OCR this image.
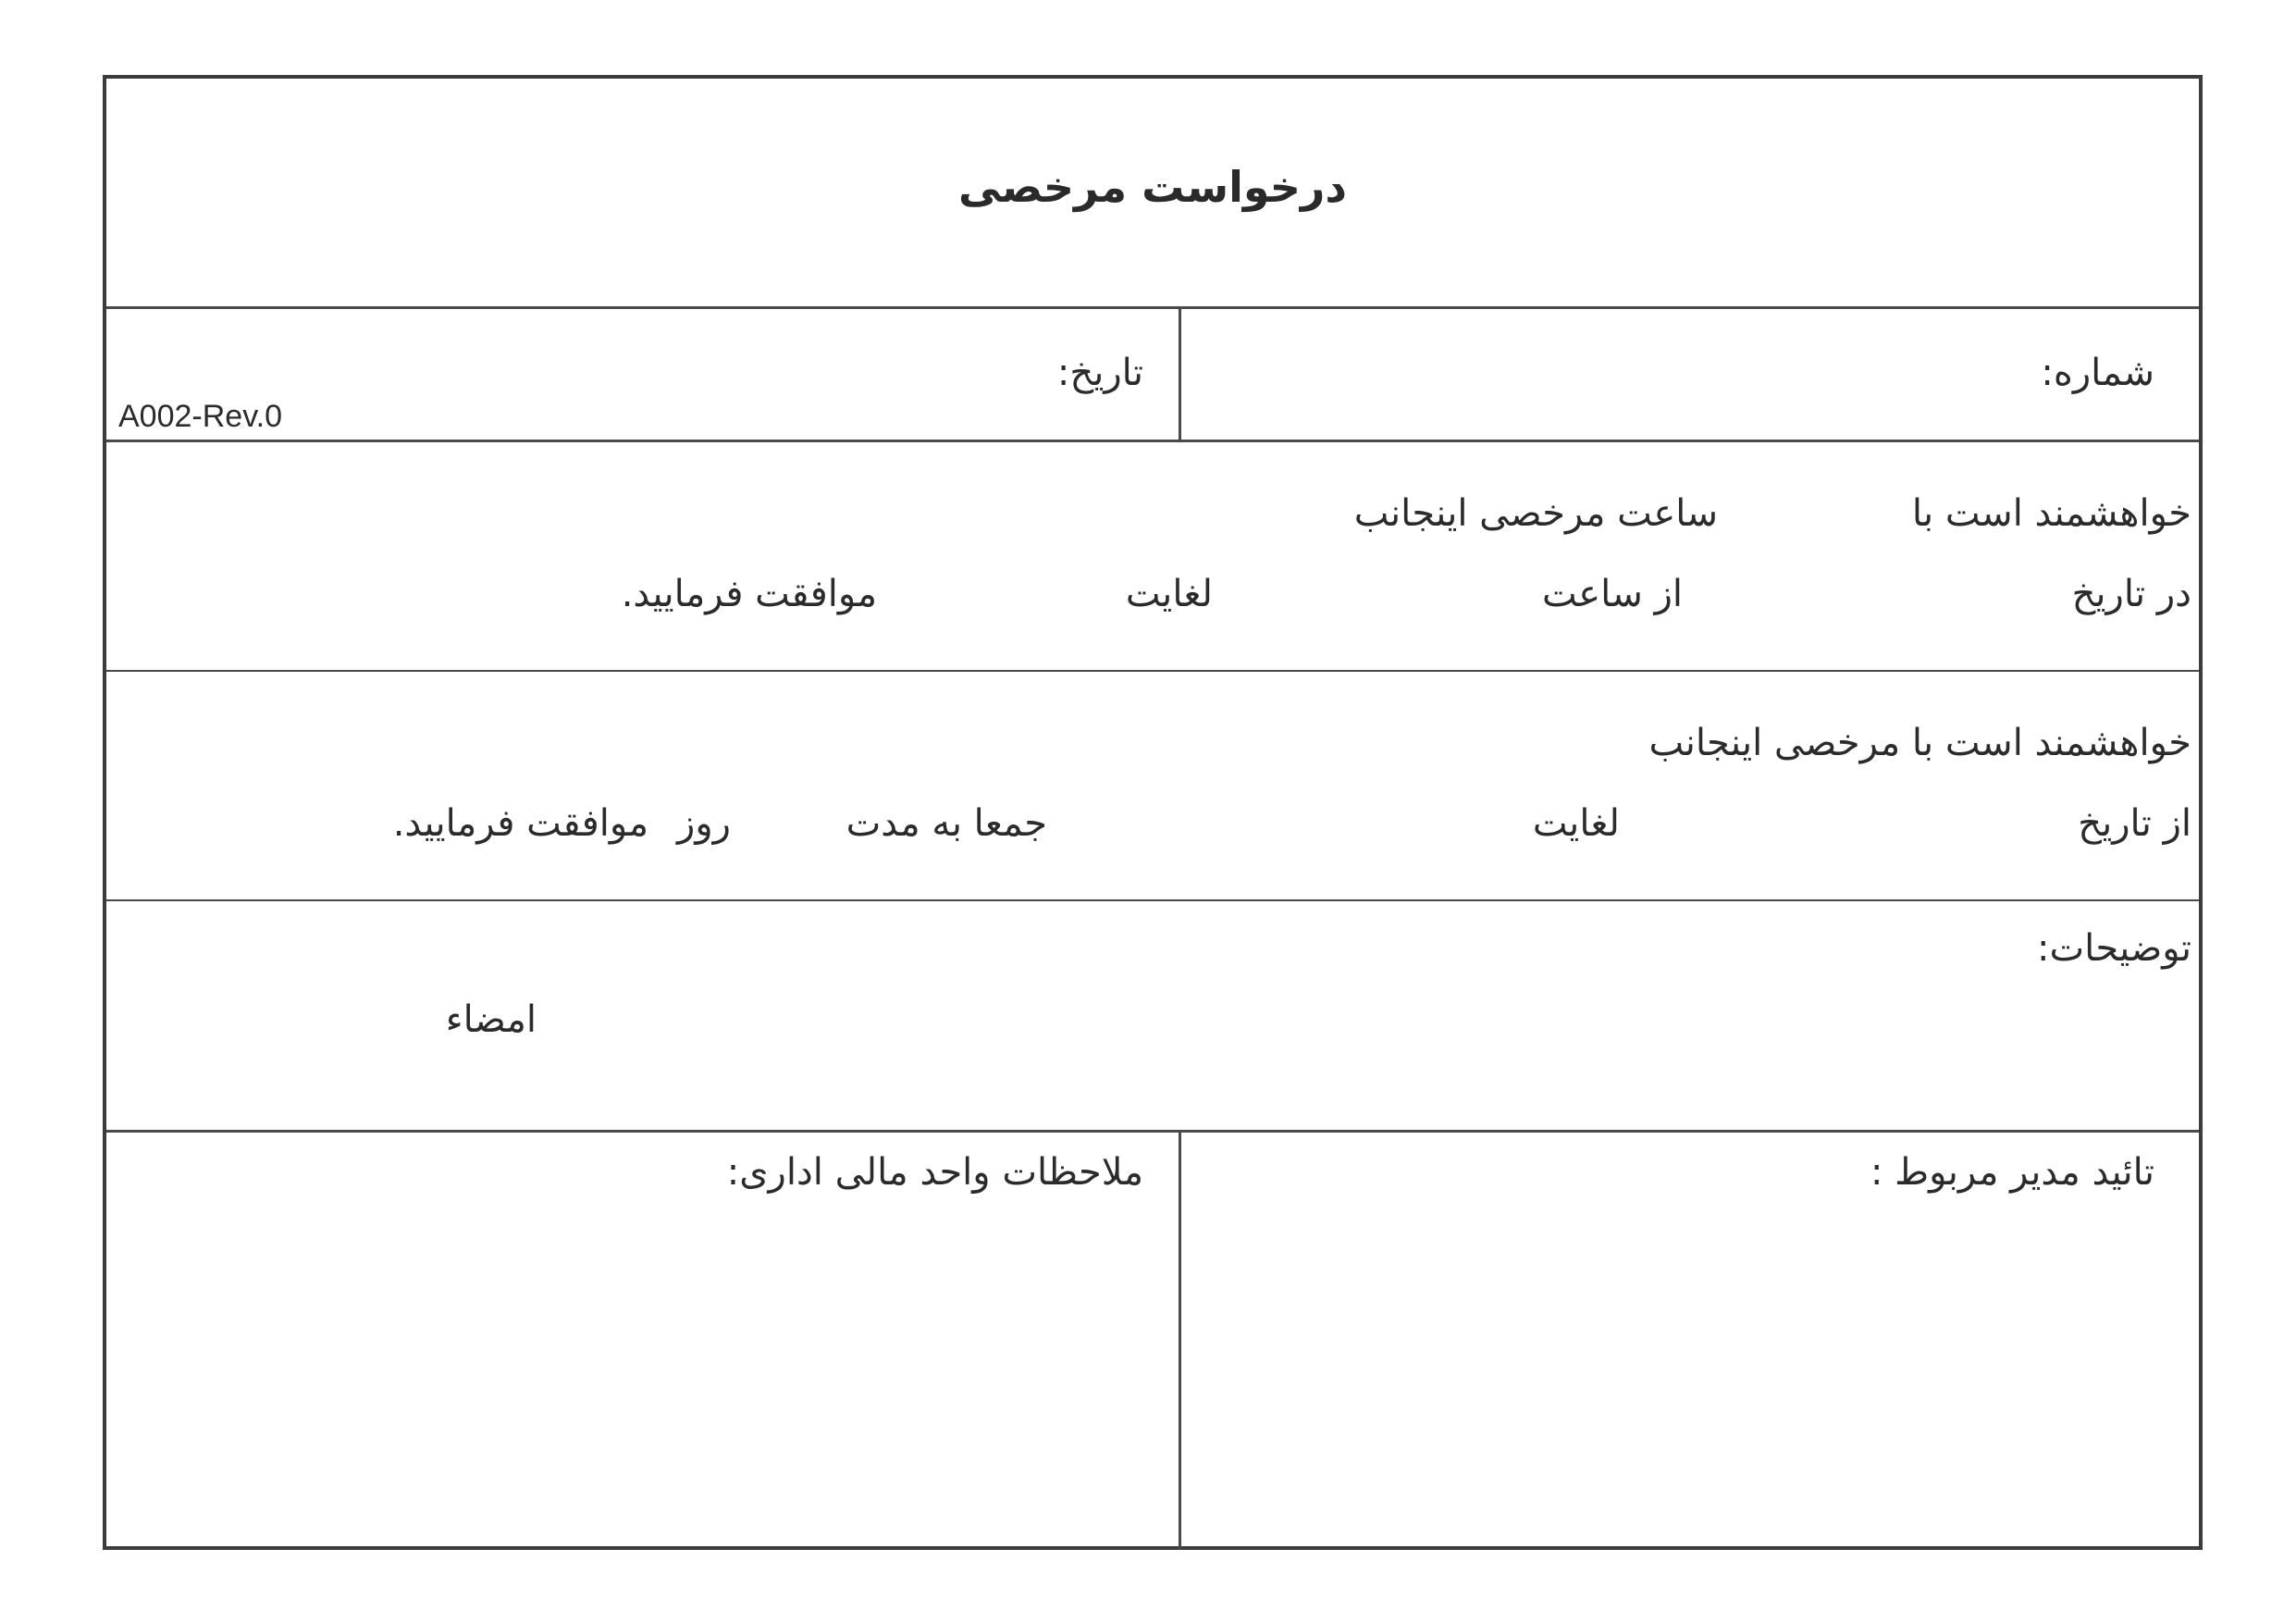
درخواست مرخصی
شماره:
تاریخ:
A002-Rev.0
خواهشمند است با
ساعت مرخصی اینجانب
در تاریخ
از ساعت
لغایت
موافقت فرمایید.
خواهشمند است با مرخصی اینجانب
از تاریخ
لغایت
جمعا به مدت
روز
موافقت فرمایید.
توضیحات:
امضاء
تائید مدیر مربوط :
ملاحظات واحد مالی اداری:
